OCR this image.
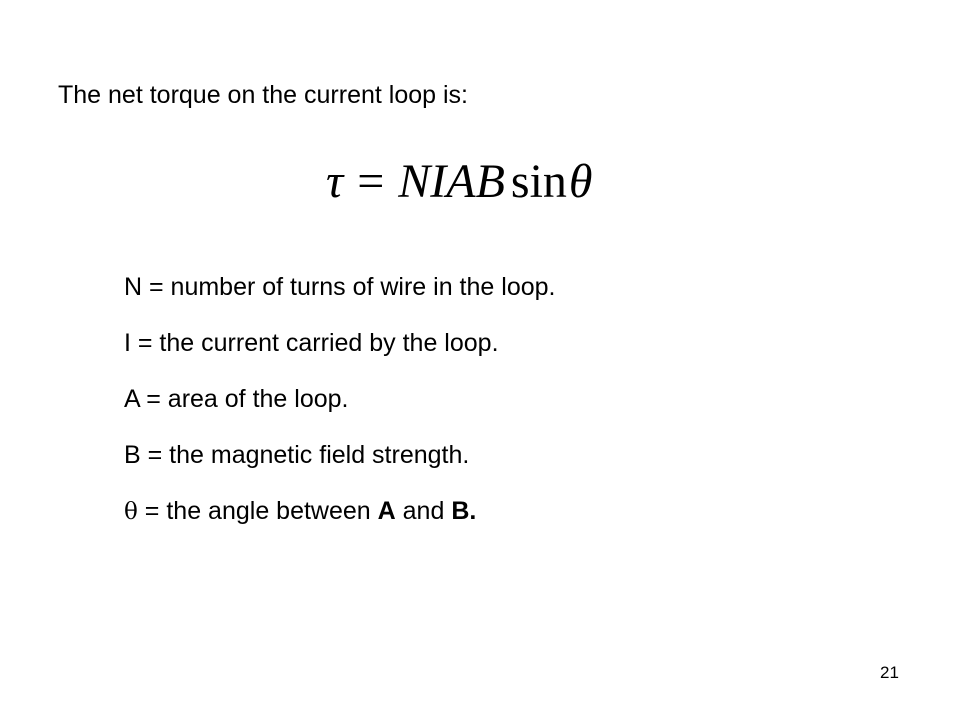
The net torque on the current loop is:
τ = NIAB sinθ
N = number of turns of wire in the loop.
I = the current carried by the loop.
A = area of the loop.
B = the magnetic field strength.
θ = the angle between A and B.
21
